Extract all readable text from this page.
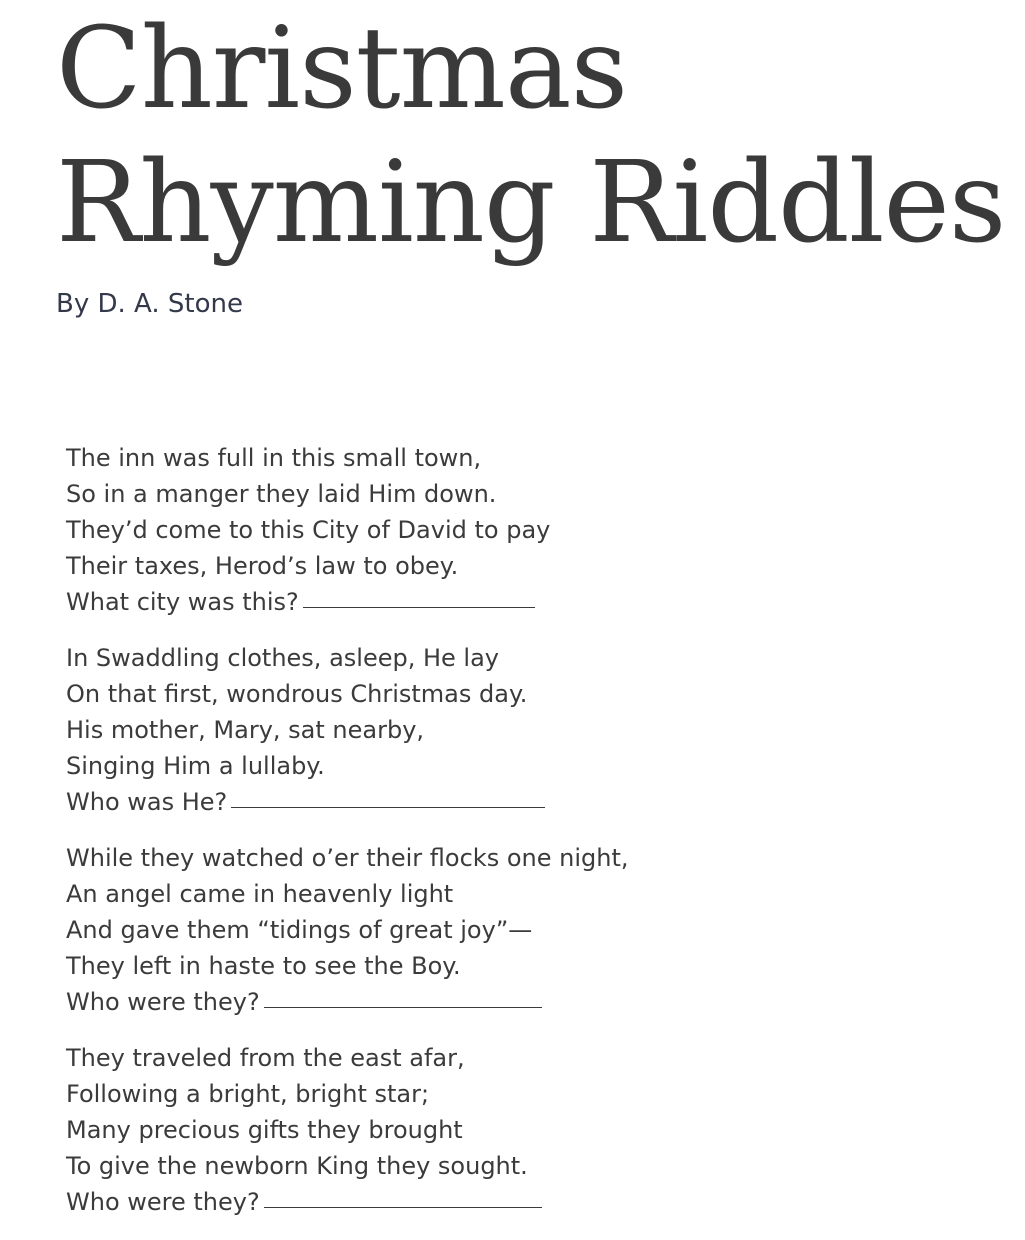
Christmas
Rhyming Riddles

By D. A. Stone

The inn was full in this small town,
So in a manger they laid Him down.
They’d come to this City of David to pay
Their taxes, Herod’s law to obey.
What city was this?
In Swaddling clothes, asleep, He lay
On that first, wondrous Christmas day.
His mother, Mary, sat nearby,
Singing Him a lullaby.
Who was He?
While they watched o’er their flocks one night,
An angel came in heavenly light
And gave them “tidings of great joy”—
They left in haste to see the Boy.
Who were they?
They traveled from the east afar,
Following a bright, bright star;
Many precious gifts they brought
To give the newborn King they sought.
Who were they?
